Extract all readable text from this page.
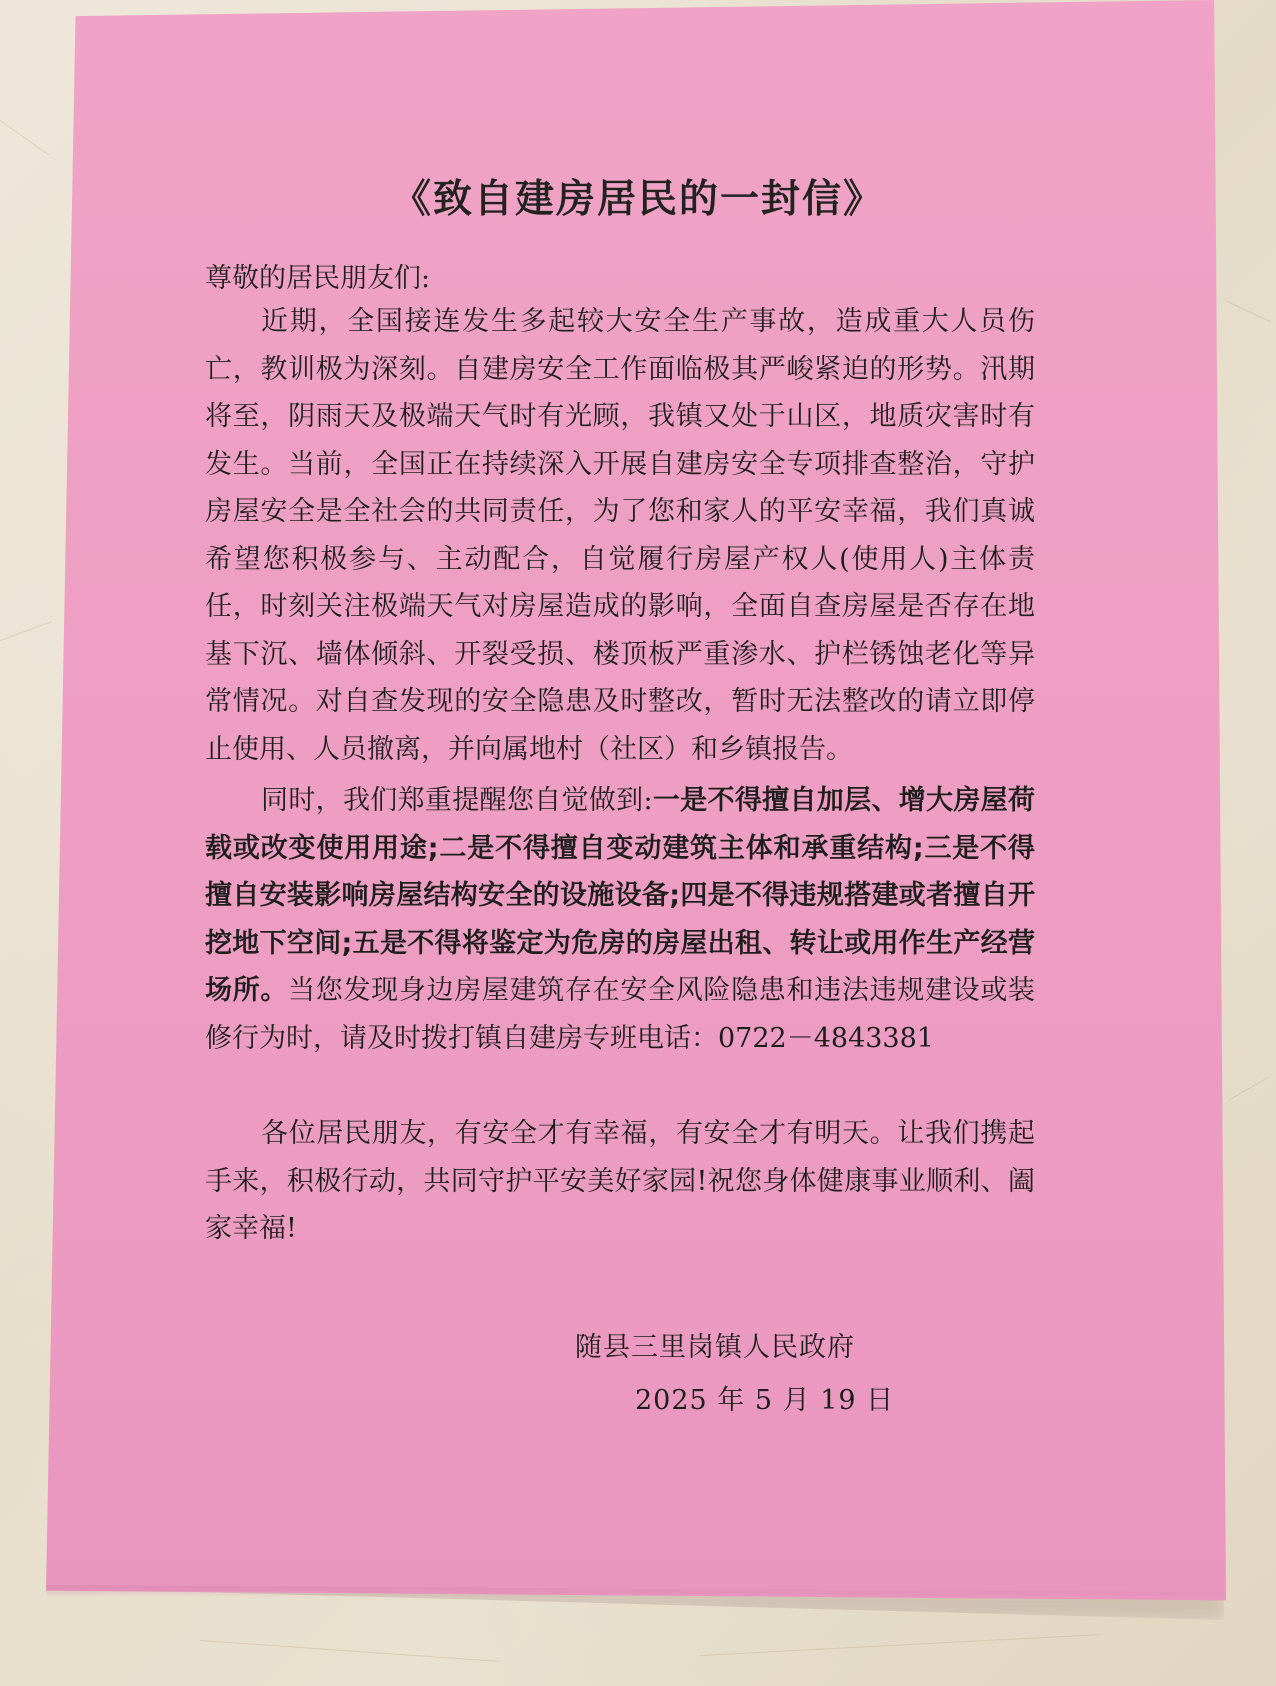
《致自建房居民的一封信》
尊敬的居民朋友们:
近期，全国接连发生多起较大安全生产事故，造成重大人员伤亡，教训极为深刻。自建房安全工作面临极其严峻紧迫的形势。汛期将至，阴雨天及极端天气时有光顾，我镇又处于山区，地质灾害时有发生。当前，全国正在持续深入开展自建房安全专项排查整治，守护房屋安全是全社会的共同责任，为了您和家人的平安幸福，我们真诚希望您积极参与、主动配合，自觉履行房屋产权人(使用人)主体责任，时刻关注极端天气对房屋造成的影响，全面自查房屋是否存在地基下沉、墙体倾斜、开裂受损、楼顶板严重渗水、护栏锈蚀老化等异常情况。对自查发现的安全隐患及时整改，暂时无法整改的请立即停止使用、人员撤离，并向属地村（社区）和乡镇报告。
同时，我们郑重提醒您自觉做到:一是不得擅自加层、增大房屋荷载或改变使用用途;二是不得擅自变动建筑主体和承重结构;三是不得擅自安装影响房屋结构安全的设施设备;四是不得违规搭建或者擅自开挖地下空间;五是不得将鉴定为危房的房屋出租、转让或用作生产经营场所。当您发现身边房屋建筑存在安全风险隐患和违法违规建设或装修行为时，请及时拨打镇自建房专班电话：0722－4843381
各位居民朋友，有安全才有幸福，有安全才有明天。让我们携起手来，积极行动，共同守护平安美好家园!祝您身体健康事业顺利、阖家幸福!
随县三里岗镇人民政府
2025 年 5 月 19 日
